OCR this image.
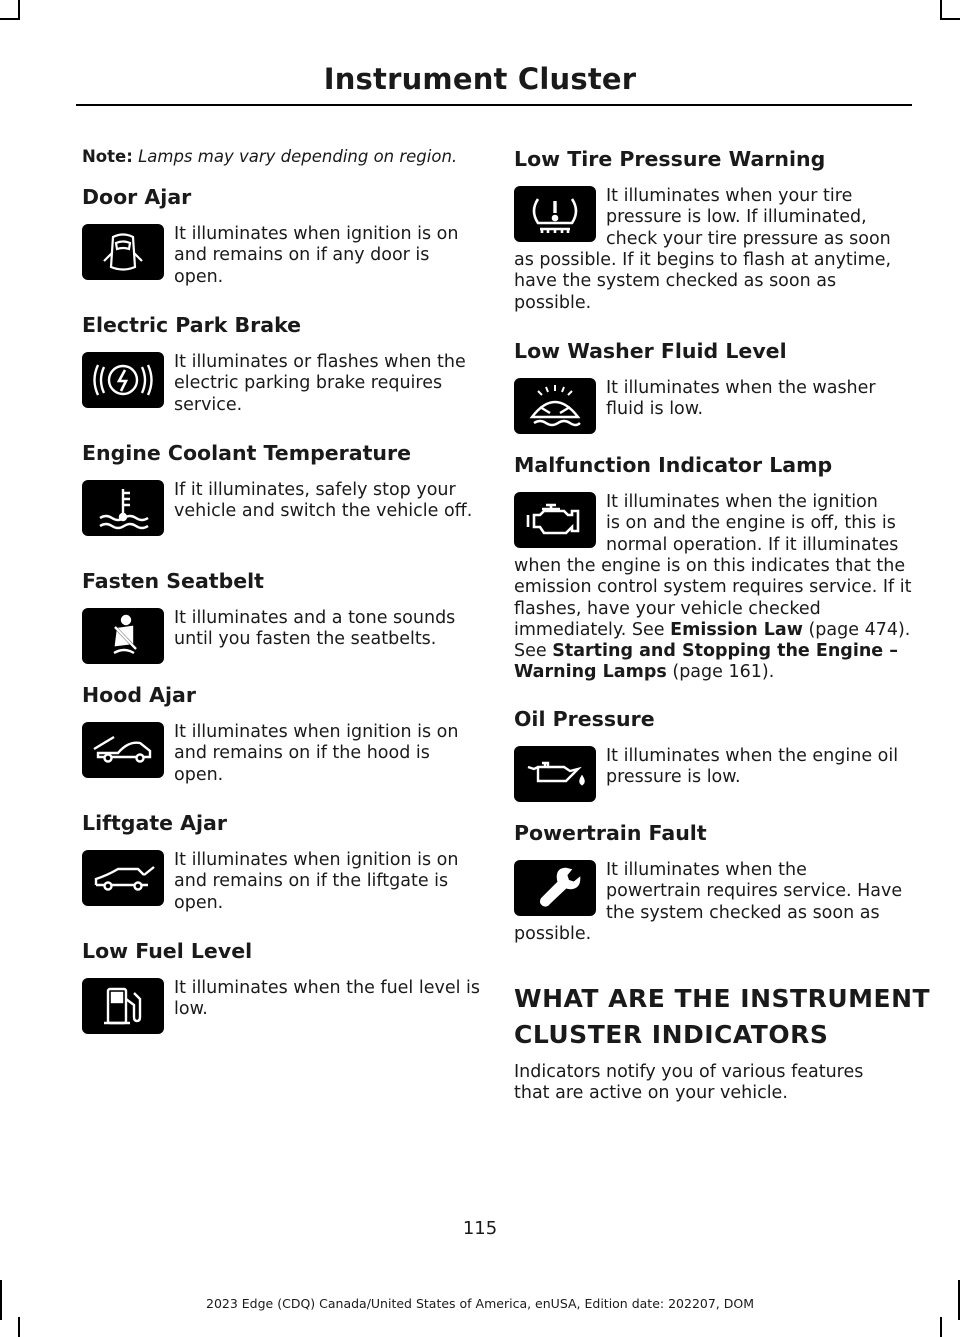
Instrument Cluster
Note: Lamps may vary depending on region.
Door Ajar
It illuminates when ignition is on and remains on if any door is open.
Electric Park Brake
It illuminates or flashes when the electric parking brake requires service.
Engine Coolant Temperature
If it illuminates, safely stop your vehicle and switch the vehicle off.
Fasten Seatbelt
It illuminates and a tone sounds until you fasten the seatbelts.
Hood Ajar
It illuminates when ignition is on and remains on if the hood is open.
Liftgate Ajar
It illuminates when ignition is on and remains on if the liftgate is open.
Low Fuel Level
It illuminates when the fuel level is low.
Low Tire Pressure Warning
It illuminates when your tire
pressure is low. If illuminated,
check your tire pressure as soon
as possible. If it begins to flash at anytime, have the system checked as soon as possible.
Low Washer Fluid Level
It illuminates when the washer fluid is low.
Malfunction Indicator Lamp
It illuminates when the ignition
is on and the engine is off, this is
normal operation. If it illuminates
when the engine is on this indicates that the emission control system requires service. If it flashes, have your vehicle checked immediately. See Emission Law (page 474). See Starting and Stopping the Engine – Warning Lamps (page 161).
Oil Pressure
It illuminates when the engine oil pressure is low.
Powertrain Fault
It illuminates when the
powertrain requires service. Have
the system checked as soon as
possible.
WHAT ARE THE INSTRUMENT
CLUSTER INDICATORS
Indicators notify you of various features that are active on your vehicle.
115
2023 Edge (CDQ) Canada/United States of America, enUSA, Edition date: 202207, DOM
